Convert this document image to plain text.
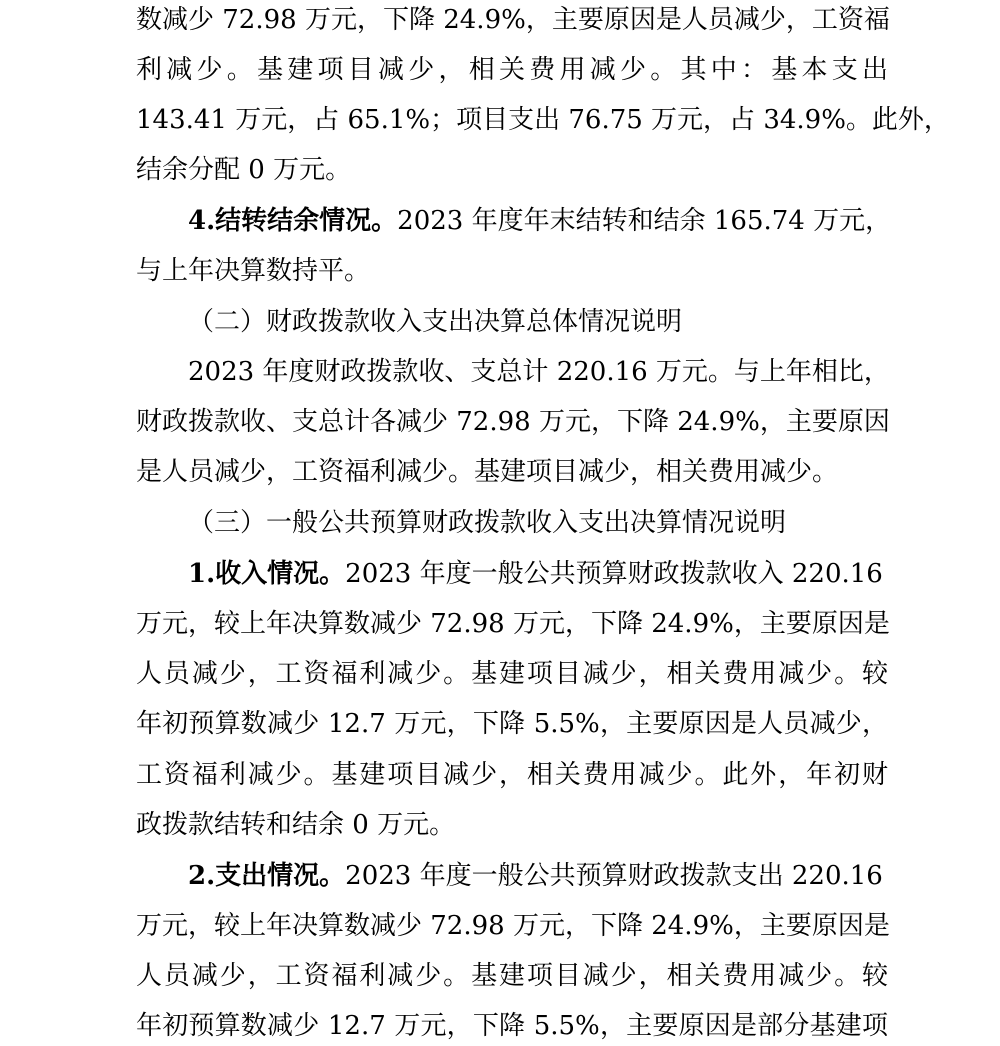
数减少 72.98 万元，下降 24.9%，主要原因是人员减少，工资福
利减少。基建项目减少，相关费用减少。其中：基本支出
143.41 万元，占 65.1%；项目支出 76.75 万元，占 34.9%。此外，
结余分配 0 万元。
4.结转结余情况。2023 年度年末结转和结余 165.74 万元，
与上年决算数持平。
（二）财政拨款收入支出决算总体情况说明
2023 年度财政拨款收、支总计 220.16 万元。与上年相比，
财政拨款收、支总计各减少 72.98 万元，下降 24.9%，主要原因
是人员减少，工资福利减少。基建项目减少，相关费用减少。
（三）一般公共预算财政拨款收入支出决算情况说明
1.收入情况。2023 年度一般公共预算财政拨款收入 220.16
万元，较上年决算数减少 72.98 万元，下降 24.9%，主要原因是
人员减少，工资福利减少。基建项目减少，相关费用减少。较
年初预算数减少 12.7 万元，下降 5.5%，主要原因是人员减少，
工资福利减少。基建项目减少，相关费用减少。此外，年初财
政拨款结转和结余 0 万元。
2.支出情况。2023 年度一般公共预算财政拨款支出 220.16
万元，较上年决算数减少 72.98 万元，下降 24.9%，主要原因是
人员减少，工资福利减少。基建项目减少，相关费用减少。较
年初预算数减少 12.7 万元，下降 5.5%，主要原因是部分基建项
